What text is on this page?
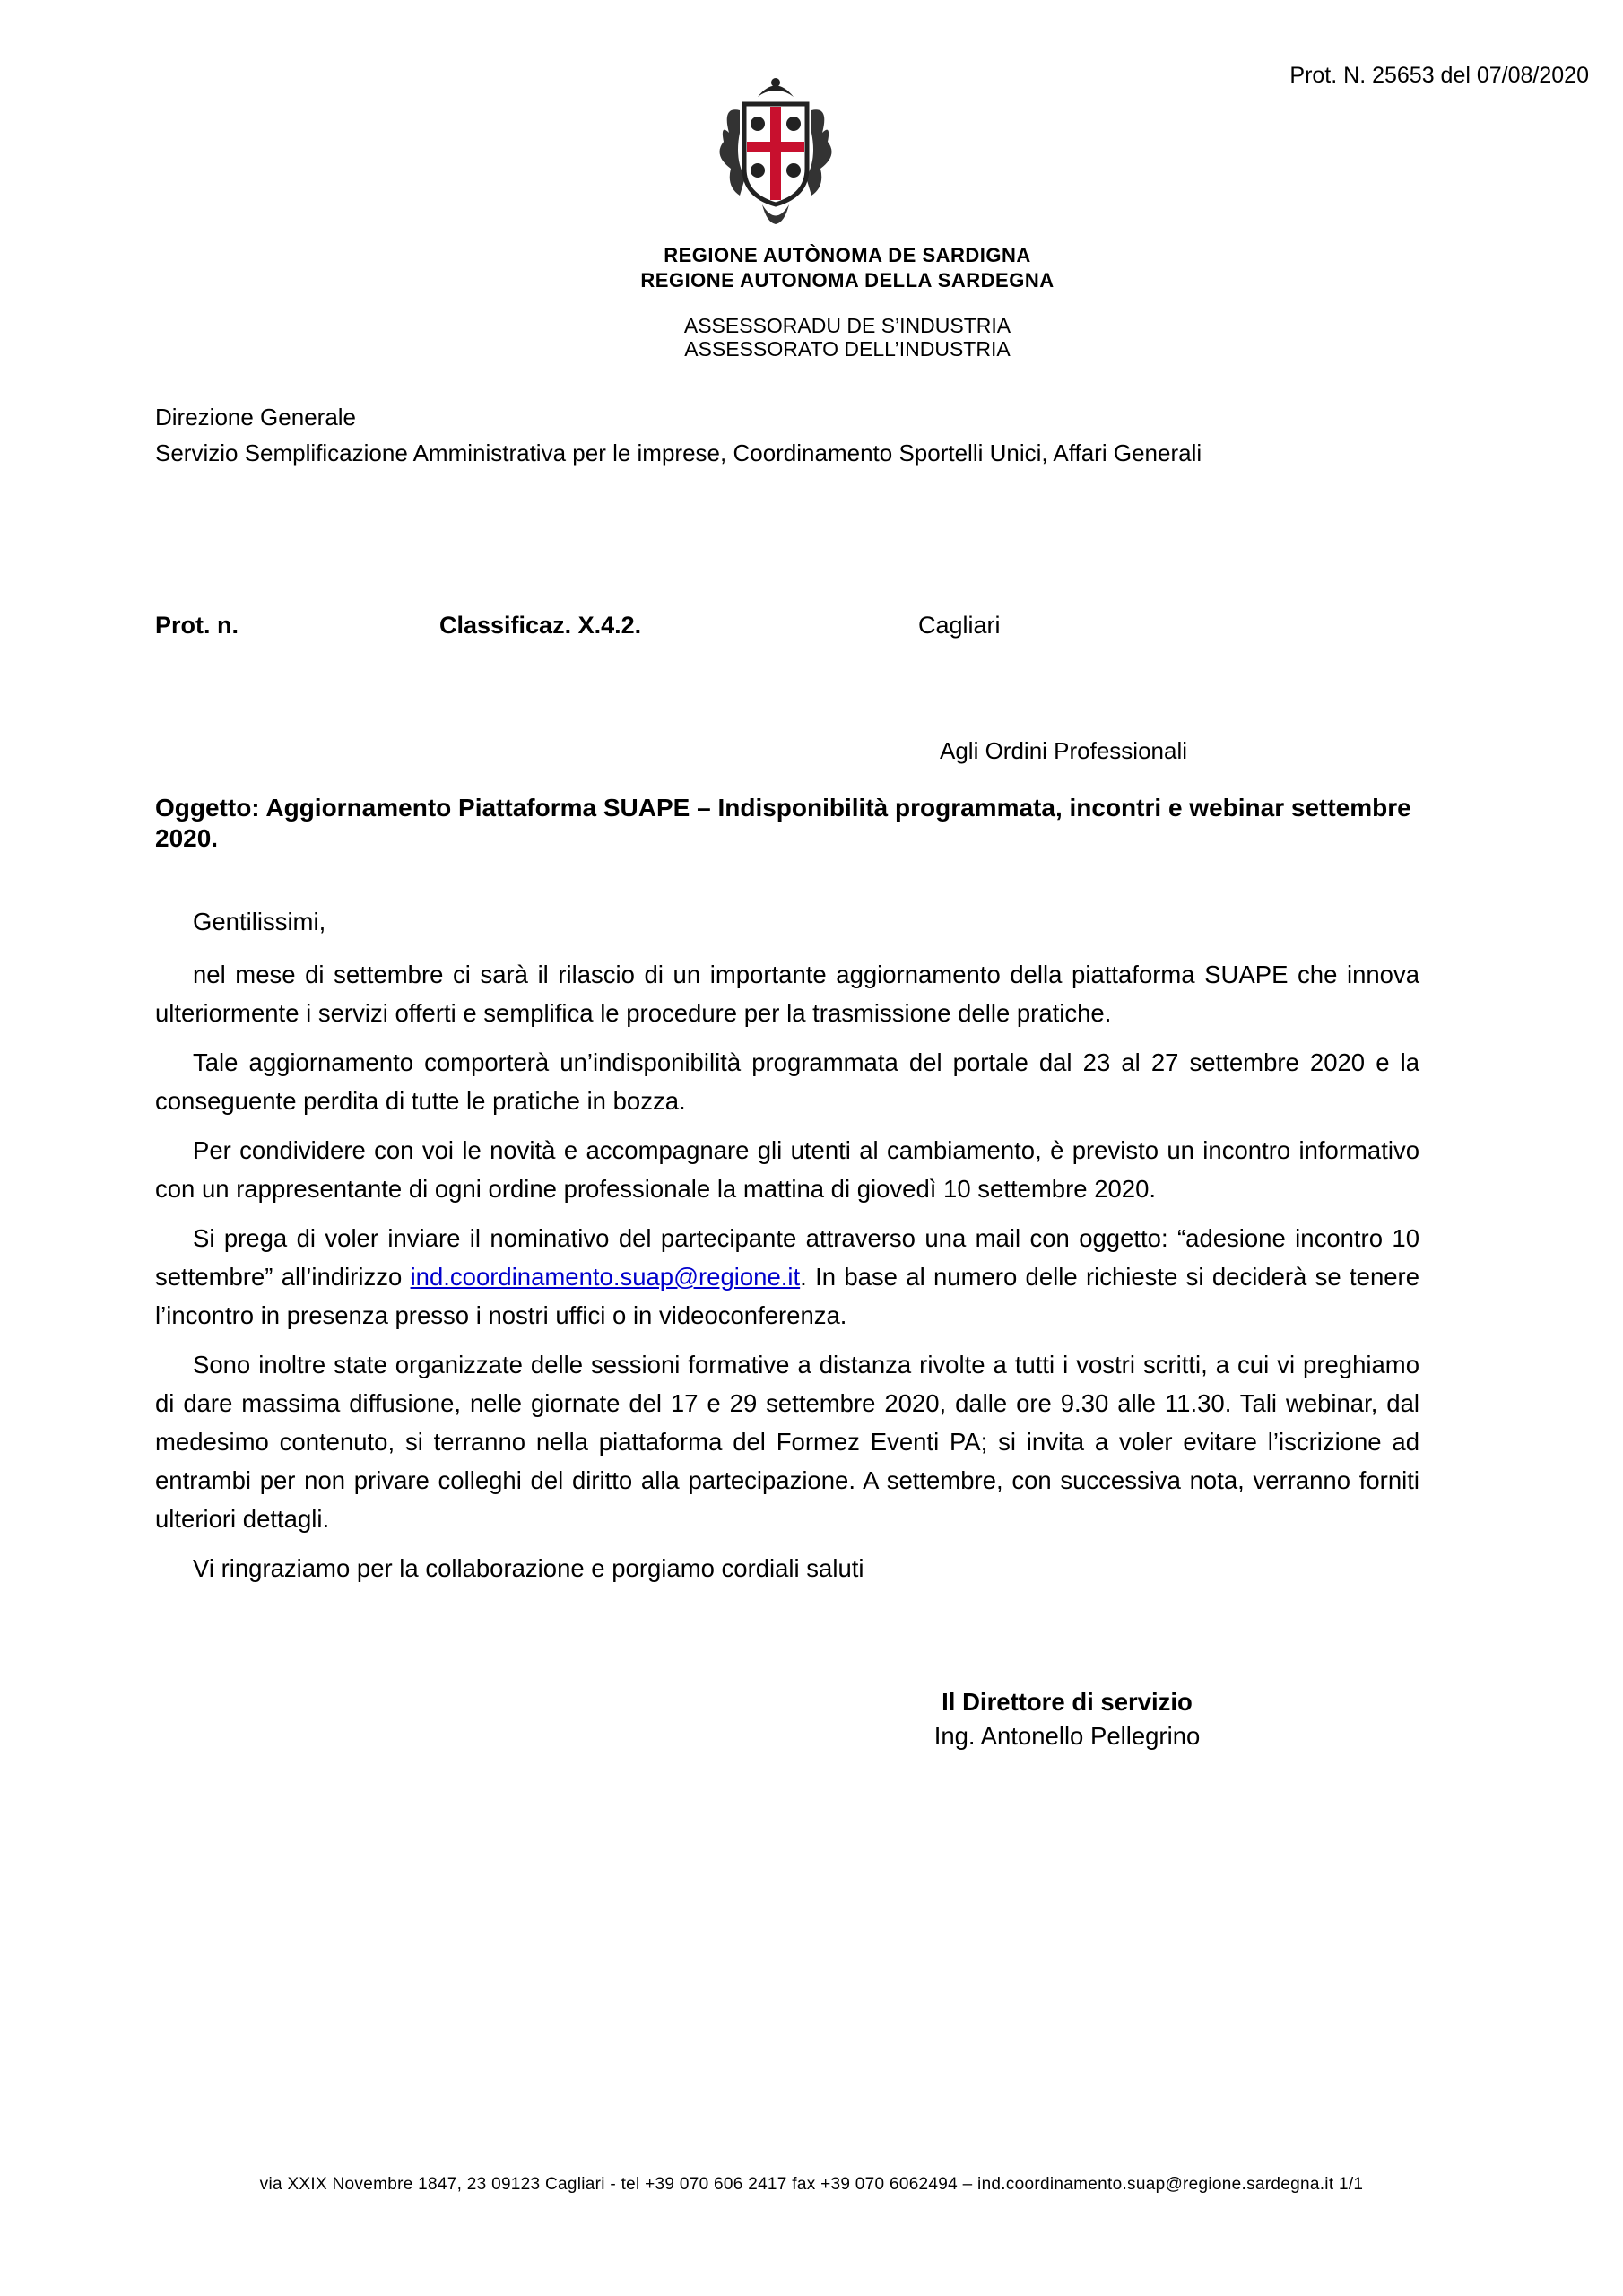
Prot. N. 25653 del 07/08/2020
REGIONE AUTÒNOMA DE SARDIGNA
REGIONE AUTONOMA DELLA SARDEGNA
ASSESSORADU DE S’INDUSTRIA
ASSESSORATO DELL’INDUSTRIA
Direzione Generale
Servizio Semplificazione Amministrativa per le imprese, Coordinamento Sportelli Unici, Affari Generali
Prot. n.	Classificaz. X.4.2.	Cagliari
Agli Ordini Professionali
Oggetto: Aggiornamento Piattaforma SUAPE – Indisponibilità programmata, incontri e webinar settembre 2020.
Gentilissimi,

nel mese di settembre ci sarà il rilascio di un importante aggiornamento della piattaforma SUAPE che innova ulteriormente i servizi offerti e semplifica le procedure per la trasmissione delle pratiche.

Tale aggiornamento comporterà un’indisponibilità programmata del portale dal 23 al 27 settembre 2020 e la conseguente perdita di tutte le pratiche in bozza.

Per condividere con voi le novità e accompagnare gli utenti al cambiamento, è previsto un incontro informativo con un rappresentante di ogni ordine professionale la mattina di giovedì 10 settembre 2020.

Si prega di voler inviare il nominativo del partecipante attraverso una mail con oggetto: “adesione incontro 10 settembre” all’indirizzo ind.coordinamento.suap@regione.it. In base al numero delle richieste si deciderà se tenere l’incontro in presenza presso i nostri uffici o in videoconferenza.

Sono inoltre state organizzate delle sessioni formative a distanza rivolte a tutti i vostri scritti, a cui vi preghiamo di dare massima diffusione, nelle giornate del 17 e 29 settembre 2020, dalle ore 9.30 alle 11.30. Tali webinar, dal medesimo contenuto, si terranno nella piattaforma del Formez Eventi PA; si invita a voler evitare l’iscrizione ad entrambi per non privare colleghi del diritto alla partecipazione. A settembre, con successiva nota, verranno forniti ulteriori dettagli.

Vi ringraziamo per la collaborazione e porgiamo cordiali saluti

Il Direttore di servizio
Ing. Antonello Pellegrino
via XXIX Novembre 1847, 23 09123 Cagliari - tel +39 070 606 2417 fax +39 070 6062494 – ind.coordinamento.suap@regione.sardegna.it 1/1
